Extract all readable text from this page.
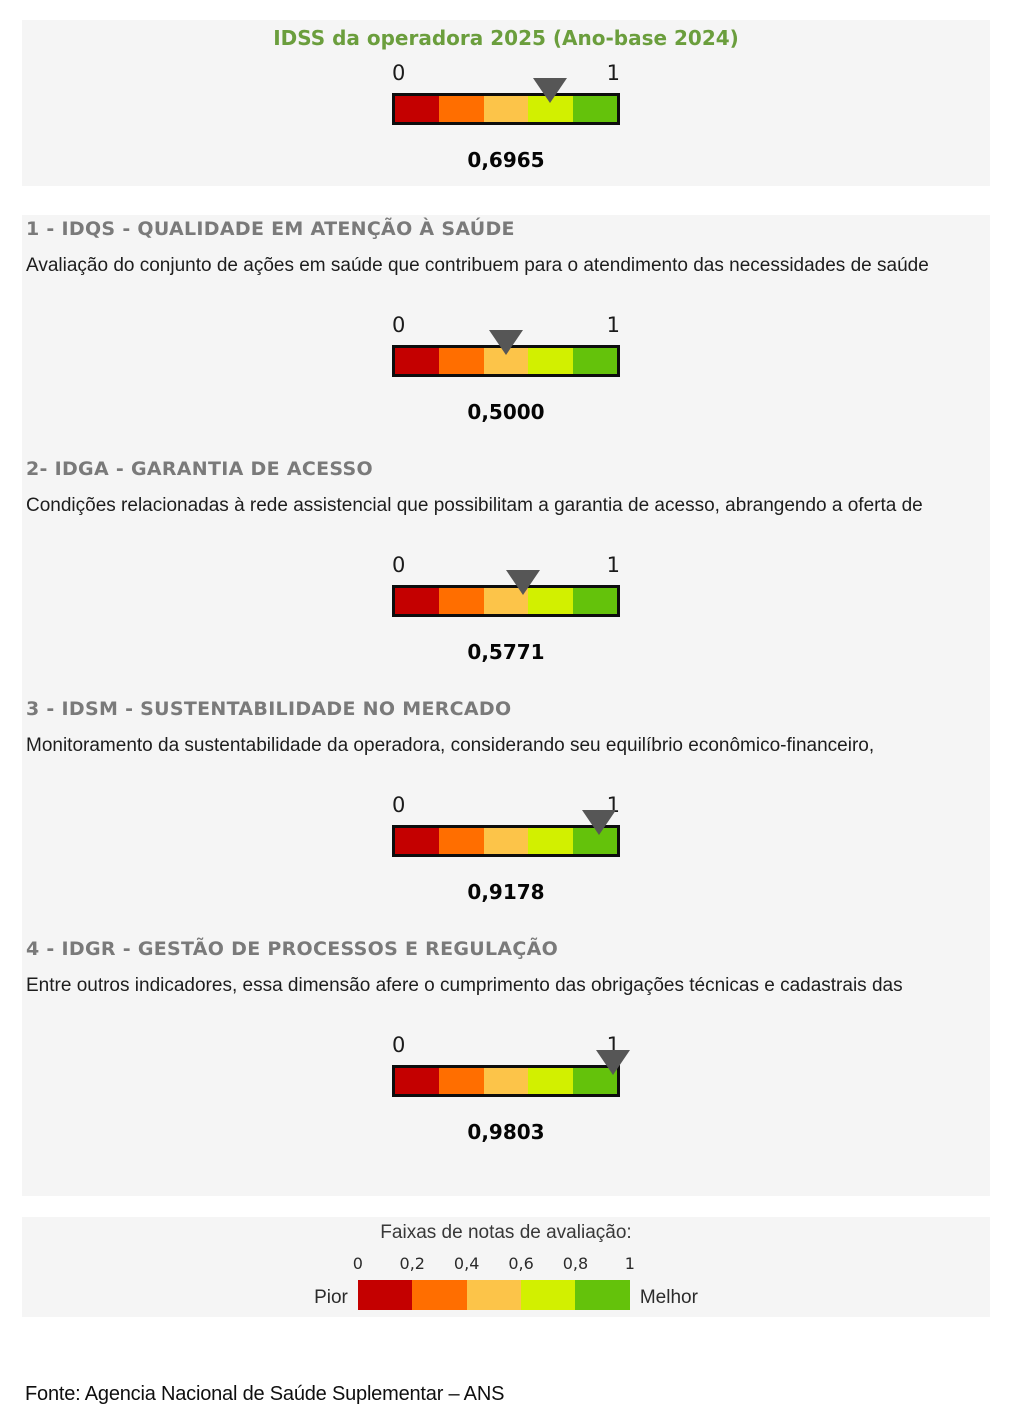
IDSS da operadora 2025 (Ano-base 2024)
0	1
0,6965
1 - IDQS - QUALIDADE EM ATENÇÃO À SAÚDE
Avaliação do conjunto de ações em saúde que contribuem para o atendimento das necessidades de saúde
0	1
0,5000
2- IDGA - GARANTIA DE ACESSO
Condições relacionadas à rede assistencial que possibilitam a garantia de acesso, abrangendo a oferta de
0	1
0,5771
3 - IDSM - SUSTENTABILIDADE NO MERCADO
Monitoramento da sustentabilidade da operadora, considerando seu equilíbrio econômico-financeiro,
0	1
0,9178
4 - IDGR - GESTÃO DE PROCESSOS E REGULAÇÃO
Entre outros indicadores, essa dimensão afere o cumprimento das obrigações técnicas e cadastrais das
0	1
0,9803
Faixas de notas de avaliação:
Pior
0 0,2 0,4 0,6 0,8 1
Melhor
Fonte: Agencia Nacional de Saúde Suplementar – ANS
